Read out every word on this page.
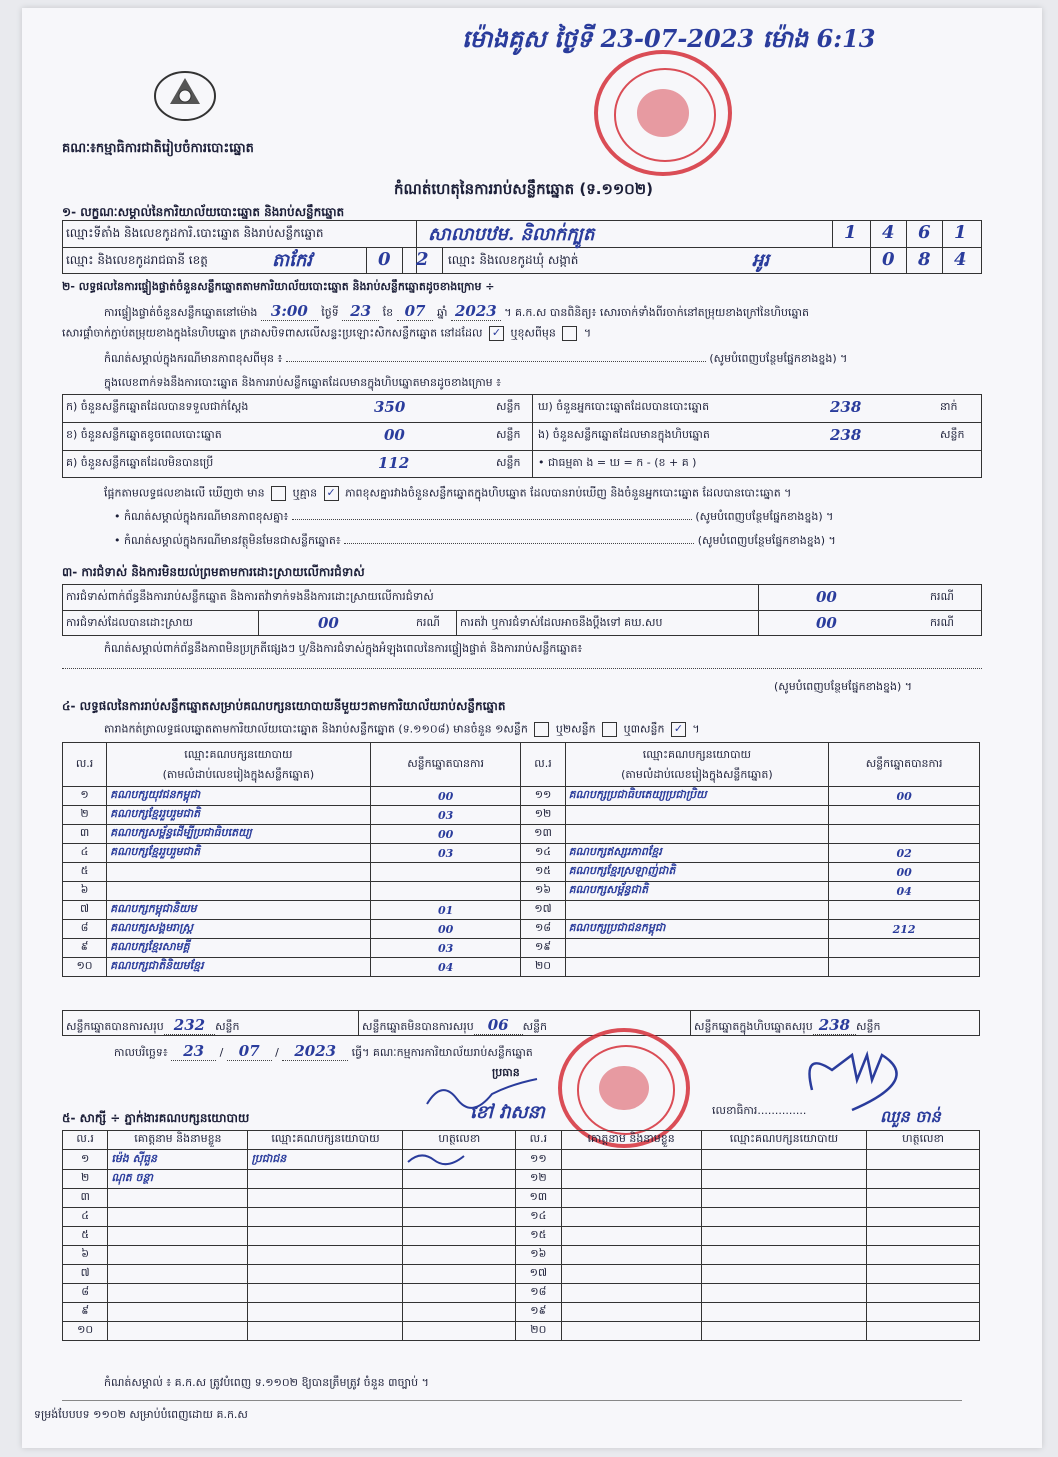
ម៉ោងគូស ថ្ងៃទី 23-07-2023 ម៉ោង 6:13
គណៈ៖កម្មាធិការជាតិរៀបចំការបោះឆ្នោត
កំណត់ហេតុនៃការរាប់សន្លឹកឆ្នោត (ទ.១១០២)
១- លក្ខណៈសម្គាល់នៃការិយាល័យបោះឆ្នោត និងរាប់សន្លឹកឆ្នោត
ឈ្មោះទីតាំង និងលេខកូដការិ.បោះឆ្នោត និងរាប់សន្លឹកឆ្នោត	សាលាបឋម. និលាក់ក្បូត	1 4 6 1
ឈ្មោះ និងលេខកូដរាជធានី ខេត្ត	តាកែវ	0 2 ឈ្មោះ និងលេខកូដឃុំ សង្កាត់	អូរ	0 8 4
២- លទ្ធផលនៃការផ្ទៀងផ្ទាត់ចំនួនសន្លឹកឆ្នោតតាមការិយាល័យបោះឆ្នោត និងរាប់សន្លឹកឆ្នោតដូចខាងក្រោម ÷
ការផ្ទៀងផ្ទាត់ចំនួនសន្លឹកឆ្នោតនៅម៉ោង 3:00 ថ្ងៃទី 23 ខែ 07 ឆ្នាំ 2023 ។ គ.ក.ស បានពិនិត្យ៖ សោរចាក់ទាំងពីរចាក់នៅតម្រុយខាងក្រៅនៃហិបឆ្នោត
សោរផ្គាំចាក់ភ្ជាប់តម្រុយខាងក្នុងនៃហិបឆ្នោត ក្រដាសបិទពាសលើសន្ទះប្រឡោះសិកសន្លឹកឆ្នោត នៅដដែល ✓ ឬខុសពីមុន  ។
កំណត់សម្គាល់ក្នុងករណីមានភាពខុសពីមុន ៖	(សូមបំពេញបន្ថែមផ្នែកខាងខ្នង) ។
ក្នុងលេខពាក់ទងនឹងការបោះឆ្នោត និងការរាប់សន្លឹកឆ្នោតដែលមានក្នុងហិបឆ្នោតមានដូចខាងក្រោម ៖
ក) ចំនួនសន្លឹកឆ្នោតដែលបានទទួលជាក់ស្តែង	350	សន្លឹក ឃ) ចំនួនអ្នកបោះឆ្នោតដែលបានបោះឆ្នោត	238	នាក់
ខ) ចំនួនសន្លឹកឆ្នោតខូចពេលបោះឆ្នោត	00	សន្លឹក ង) ចំនួនសន្លឹកឆ្នោតដែលមានក្នុងហិបឆ្នោត	238	សន្លឹក
គ) ចំនួនសន្លឹកឆ្នោតដែលមិនបានប្រើ	112	សន្លឹក • ជាធម្មតា ង = ឃ = ក - (ខ + គ )
ផ្អែកតាមលទ្ធផលខាងលើ ឃើញថា មាន	ឬគ្មាន ✓ ភាពខុសគ្នារវាងចំនួនសន្លឹកឆ្នោតក្នុងហិបឆ្នោត ដែលបានរាប់ឃើញ និងចំនួនអ្នកបោះឆ្នោត ដែលបានបោះឆ្នោត ។
• កំណត់សម្គាល់ក្នុងករណីមានភាពខុសគ្នា៖	(សូមបំពេញបន្ថែមផ្នែកខាងខ្នង) ។
• កំណត់សម្គាល់ក្នុងករណីមានវត្ថុមិនមែនជាសន្លឹកឆ្នោត៖	(សូមបំពេញបន្ថែមផ្នែកខាងខ្នង) ។
៣- ការជំទាស់ និងការមិនយល់ព្រមតាមការដោះស្រាយលើការជំទាស់
ការជំទាស់ពាក់ព័ន្ធនឹងការរាប់សន្លឹកឆ្នោត និងការតវ៉ាទាក់ទងនឹងការដោះស្រាយលើការជំទាស់	00	ករណី
ការជំទាស់ដែលបានដោះស្រាយ	00	ករណី ការតវ៉ា ឬការជំទាស់ដែលអាចនឹងប្តឹងទៅ គឃ.សប	00	ករណី
កំណត់សម្គាល់ពាក់ព័ន្ធនឹងភាពមិនប្រក្រតីផ្សេងៗ ឬ/និងការជំទាស់ក្នុងអំឡុងពេលនៃការផ្ទៀងផ្ទាត់ និងការរាប់សន្លឹកឆ្នោត៖
(សូមបំពេញបន្ថែមផ្នែកខាងខ្នង) ។
៤- លទ្ធផលនៃការរាប់សន្លឹកឆ្នោតសម្រាប់គណបក្សនយោបាយនីមួយៗតាមការិយាល័យរាប់សន្លឹកឆ្នោត
តារាងកត់ត្រាលទ្ធផលឆ្នោតតាមការិយាល័យបោះឆ្នោត និងរាប់សន្លឹកឆ្នោត (ទ.១១០៨) មានចំនួន ១សន្លឹក	ឬ២សន្លឹក	ឬ៣សន្លឹក ✓ ។
ល.រ	ឈ្មោះគណបក្សនយោបាយ
(តាមលំដាប់លេខរៀងក្នុងសន្លឹកឆ្នោត)	សន្លឹកឆ្នោតបានការ	ល.រ	ឈ្មោះគណបក្សនយោបាយ
(តាមលំដាប់លេខរៀងក្នុងសន្លឹកឆ្នោត)	សន្លឹកឆ្នោតបានការ
១	គណបក្សយុវជនកម្ពុជា	00	១១	គណបក្សប្រជាធិបតេយ្យប្រជាប្រិយ	00
២	គណបក្សខ្មែររួបរួមជាតិ	03	១២		
៣	គណបក្សសម្ព័ន្ធដើម្បីប្រជាធិបតេយ្យ	00	១៣		
៤	គណបក្សខ្មែររួបរួមជាតិ	03	១៤	គណបក្សឥស្សរភាពខ្មែរ	02
៥			១៥	គណបក្សខ្មែរស្រឡាញ់ជាតិ	00
៦			១៦	គណបក្សសម្ព័ន្ធជាតិ	04
៧	គណបក្សកម្ពុជានិយម	01	១៧		
៨	គណបក្សសង្គមរាស្ត្រ	00	១៨	គណបក្សប្រជាជនកម្ពុជា	212
៩	គណបក្សខ្មែរសាមគ្គី	03	១៩		
១០	គណបក្សជាតិនិយមខ្មែរ	04	២០		
សន្លឹកឆ្នោតបានការសរុប 232 សន្លឹក	សន្លឹកឆ្នោតមិនបានការសរុប 06 សន្លឹក	សន្លឹកឆ្នោតក្នុងហិបឆ្នោតសរុប 238 សន្លឹក
កាលបរិច្ឆេទ៖ 23 / 07 / 2023 ធ្វើ។ គណៈកម្មការការិយាល័យរាប់សន្លឹកឆ្នោត
ប្រធាន
ខៅ វាសនា	លេខាធិការ..............	ឈួន ចាន់
៥- សាក្សី ÷ ភ្នាក់ងារគណបក្សនយោបាយ
ល.រ	គោត្តនាម និងនាមខ្លួន	ឈ្មោះគណបក្សនយោបាយ	ហត្ថលេខា	ល.រ	គោត្តនាម និងនាមខ្លួន	ឈ្មោះគណបក្សនយោបាយ	ហត្ថលេខា
១	ម៉េង ស៊ីធួន	ប្រជាជន		១១			
២	ណុត ចន្ថា			១២			
៣				១៣			
៤				១៤			
៥				១៥			
៦				១៦			
៧				១៧			
៨				១៨			
៩				១៩			
១០				២០			
កំណត់សម្គាល់ ៖ គ.ក.ស ត្រូវបំពេញ ទ.១១០២ ឱ្យបានត្រឹមត្រូវ ចំនួន ៣ច្បាប់ ។
ទម្រង់បែបបទ ១១០២ សម្រាប់បំពេញដោយ គ.ក.ស
